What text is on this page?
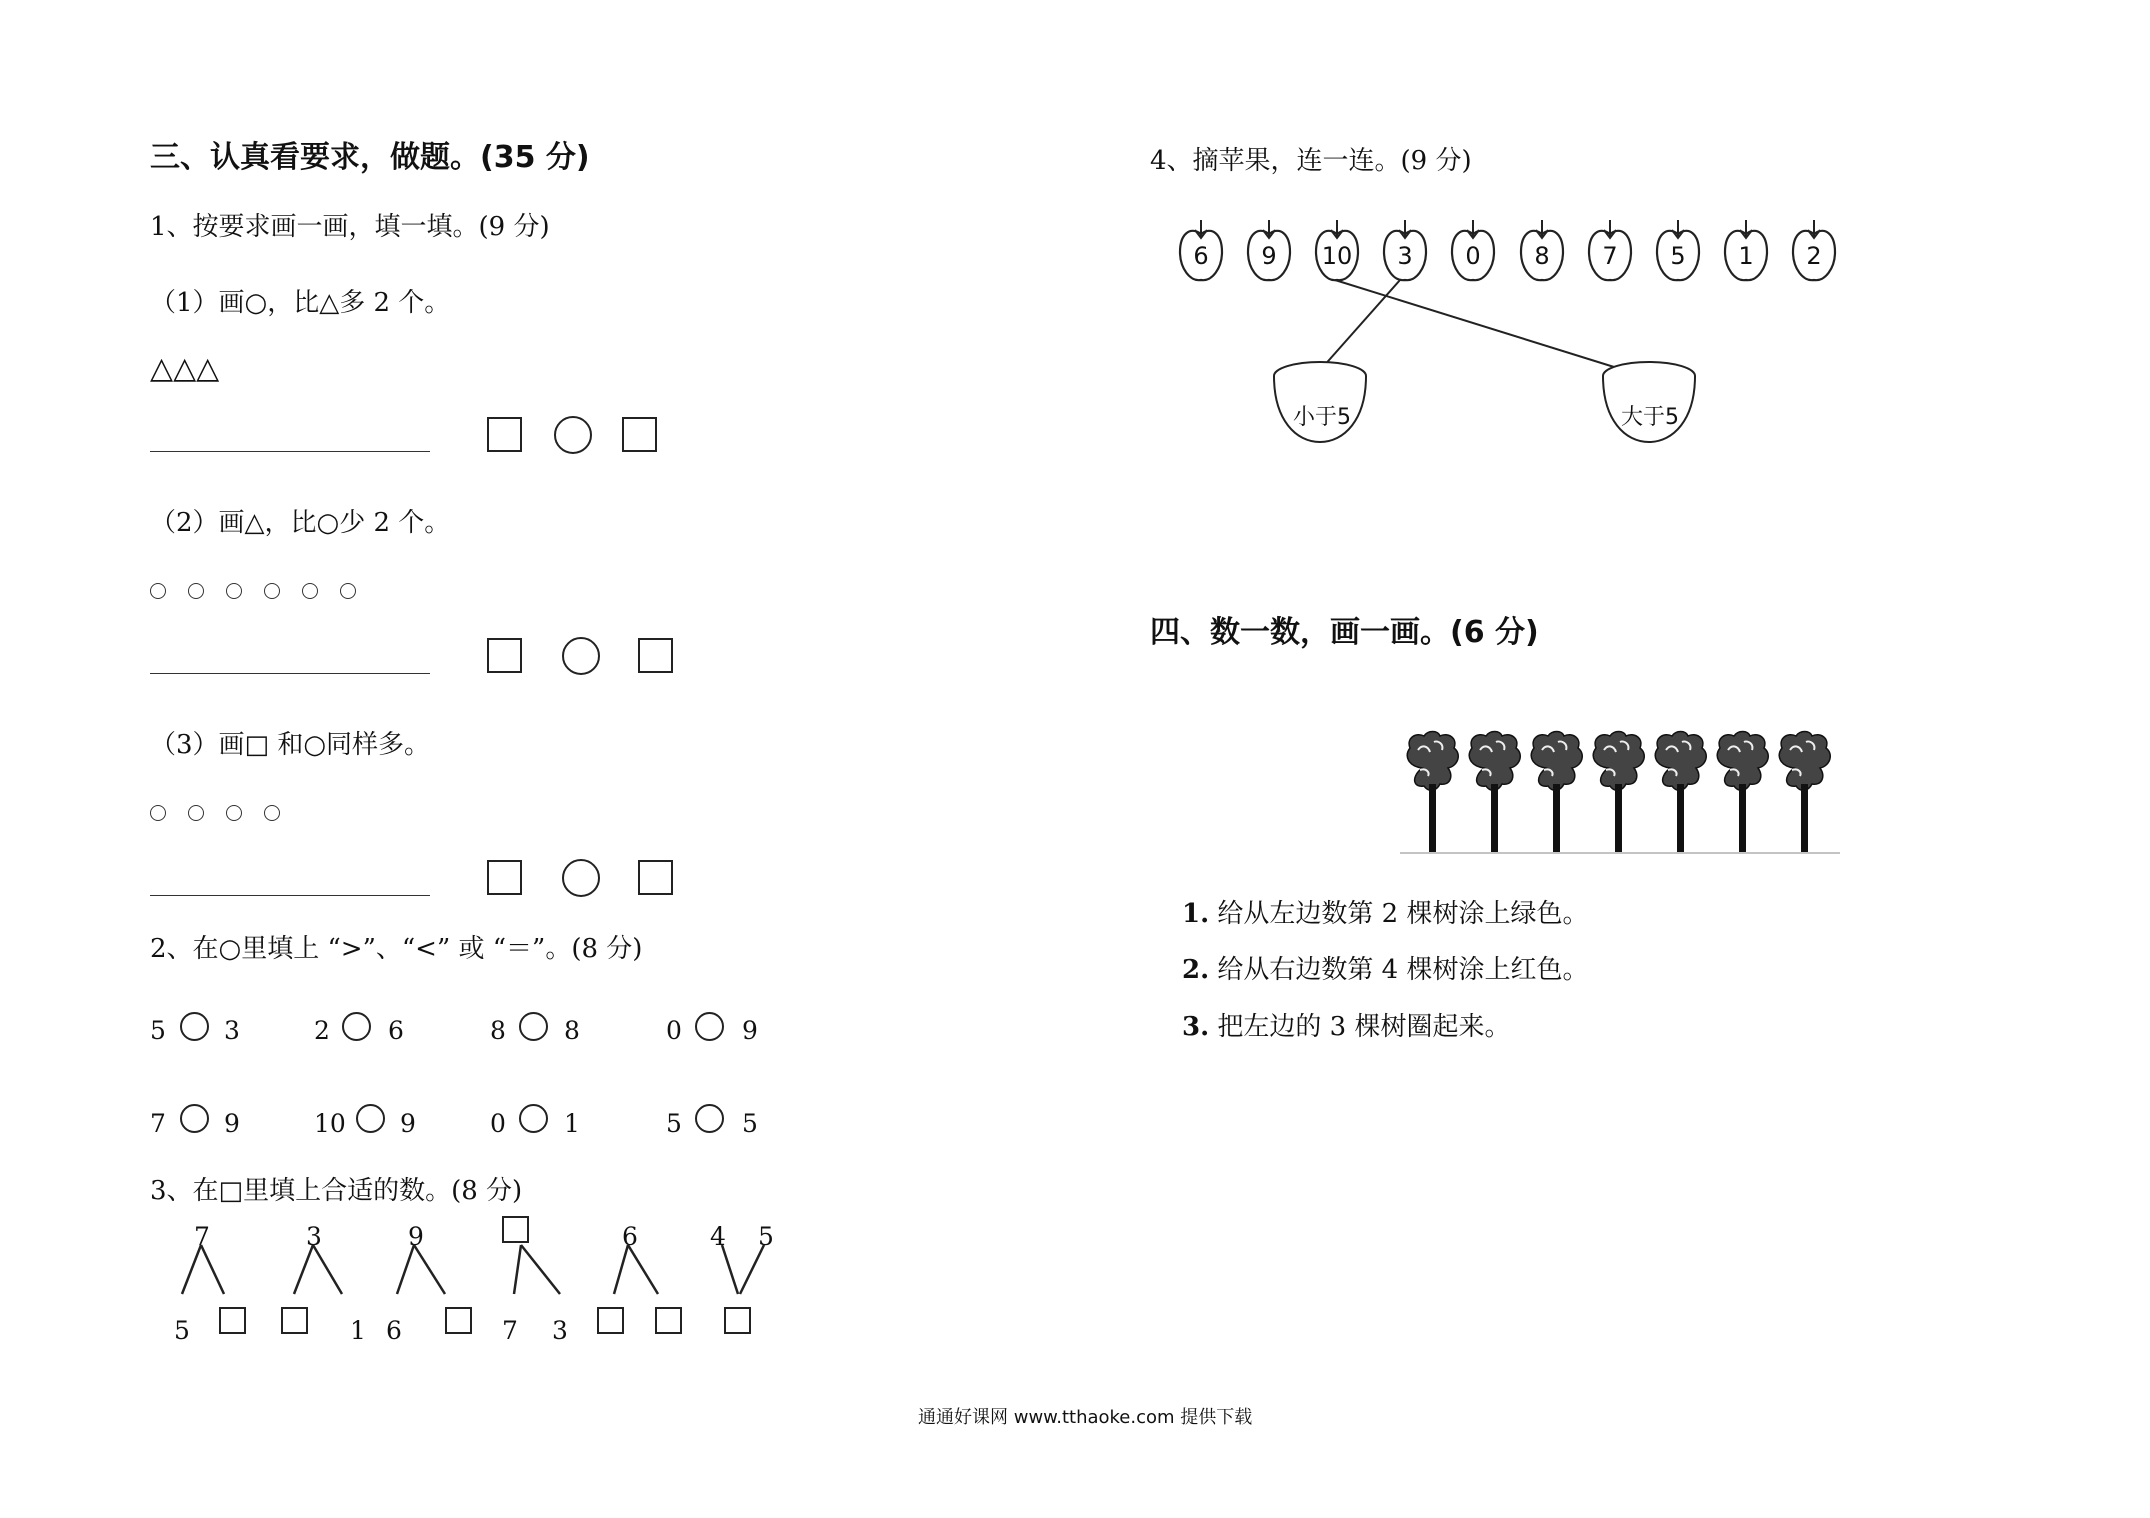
三、认真看要求，做题。(35 分)
1、按要求画一画，填一填。(9 分)
（1）画○，比△多 2 个。
△△△
（2）画△，比○少 2 个。
（3）画□ 和○同样多。
2、在○里填上 “>”、“<” 或 “＝”。(8 分)
5 3	2 6	8 8	0 9
7 9	10 9	0 1	5 5
3、在□里填上合适的数。(8 分)
7	3	9	6	4 5
5	1 6	7 3
4、摘苹果，连一连。(9 分)
6	9	10	3	0	8	7	5	1	2
小于5	大于5
四、数一数，画一画。(6 分)
1. 给从左边数第 2 棵树涂上绿色。
2. 给从右边数第 4 棵树涂上红色。
3. 把左边的 3 棵树圈起来。
通通好课网 www.tthaoke.com 提供下载
